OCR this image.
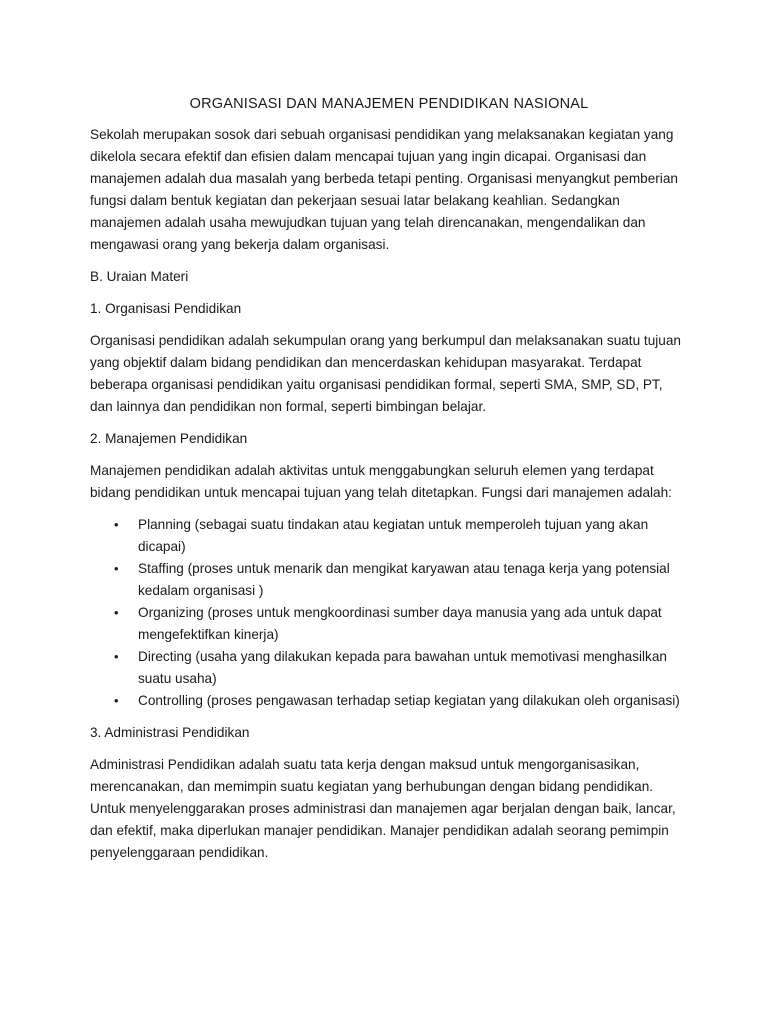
ORGANISASI DAN MANAJEMEN PENDIDIKAN NASIONAL

Sekolah merupakan sosok dari sebuah organisasi pendidikan yang melaksanakan kegiatan yang dikelola secara efektif dan efisien dalam mencapai tujuan yang ingin dicapai. Organisasi dan manajemen adalah dua masalah yang berbeda tetapi penting. Organisasi menyangkut pemberian fungsi dalam bentuk kegiatan dan pekerjaan sesuai latar belakang keahlian. Sedangkan manajemen adalah usaha mewujudkan tujuan yang telah direncanakan, mengendalikan dan mengawasi orang yang bekerja dalam organisasi.

B. Uraian Materi
1. Organisasi Pendidikan

Organisasi pendidikan adalah sekumpulan orang yang berkumpul dan melaksanakan suatu tujuan yang objektif dalam bidang pendidikan dan mencerdaskan kehidupan masyarakat. Terdapat beberapa organisasi pendidikan yaitu organisasi pendidikan formal, seperti SMA, SMP, SD, PT, dan lainnya dan pendidikan non formal, seperti bimbingan belajar.

2. Manajemen Pendidikan

Manajemen pendidikan adalah aktivitas untuk menggabungkan seluruh elemen yang terdapat bidang pendidikan untuk mencapai tujuan yang telah ditetapkan. Fungsi dari manajemen adalah:

• Planning (sebagai suatu tindakan atau kegiatan untuk memperoleh tujuan yang akan dicapai)
• Staffing (proses untuk menarik dan mengikat karyawan atau tenaga kerja yang potensial kedalam organisasi )
• Organizing (proses untuk mengkoordinasi sumber daya manusia yang ada untuk dapat mengefektifkan kinerja)
• Directing (usaha yang dilakukan kepada para bawahan untuk memotivasi menghasilkan suatu usaha)
• Controlling (proses pengawasan terhadap setiap kegiatan yang dilakukan oleh organisasi)
3. Administrasi Pendidikan

Administrasi Pendidikan adalah suatu tata kerja dengan maksud untuk mengorganisasikan, merencanakan, dan memimpin suatu kegiatan yang berhubungan dengan bidang pendidikan. Untuk menyelenggarakan proses administrasi dan manajemen agar berjalan dengan baik, lancar, dan efektif, maka diperlukan manajer pendidikan. Manajer pendidikan adalah seorang pemimpin penyelenggaraan pendidikan.
